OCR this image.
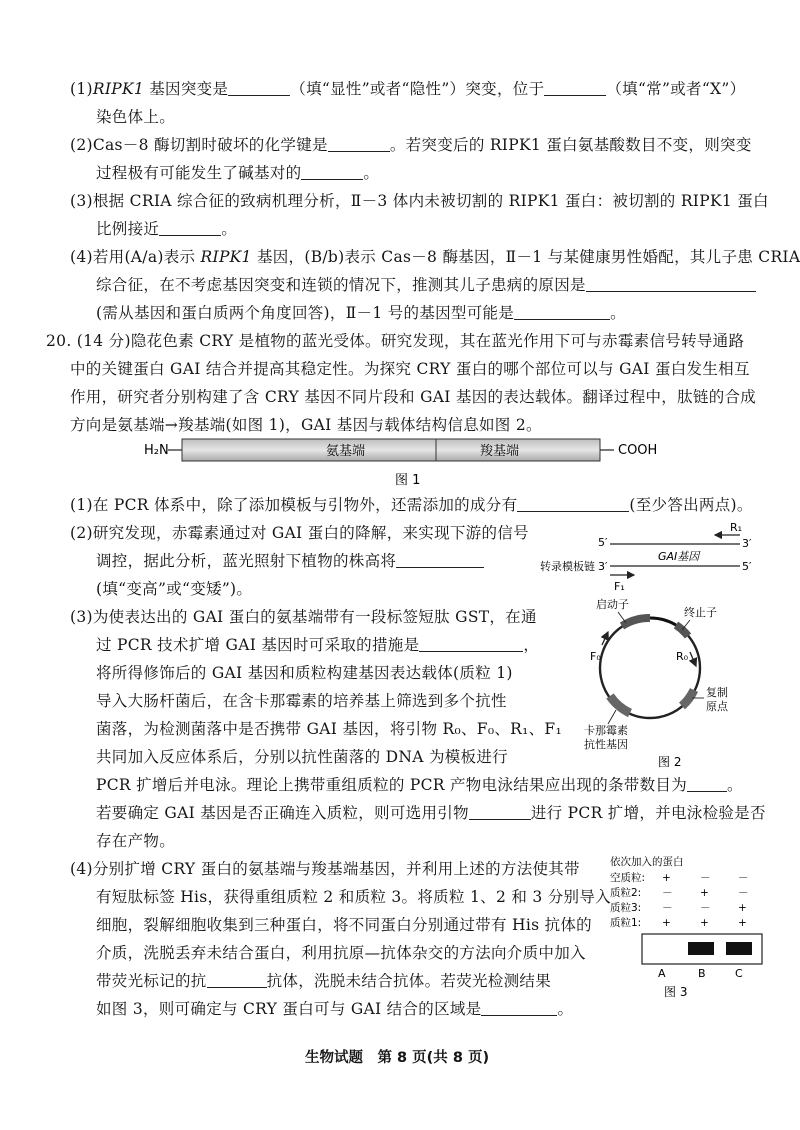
(1)RIPK1 基因突变是	（填“显性”或者“隐性”）突变，位于	（填“常”或者“X”）
染色体上。
(2)Cas－8 酶切割时破坏的化学键是	。若突变后的 RIPK1 蛋白氨基酸数目不变，则突变
过程极有可能发生了碱基对的	。
(3)根据 CRIA 综合征的致病机理分析，Ⅱ－3 体内未被切割的 RIPK1 蛋白：被切割的 RIPK1 蛋白
比例接近	。
(4)若用(A/a)表示 RIPK1 基因，(B/b)表示 Cas－8 酶基因，Ⅱ－1 与某健康男性婚配，其儿子患 CRIA
综合征，在不考虑基因突变和连锁的情况下，推测其儿子患病的原因是
(需从基因和蛋白质两个角度回答)，Ⅱ－1 号的基因型可能是	。
20. (14 分)隐花色素 CRY 是植物的蓝光受体。研究发现，其在蓝光作用下可与赤霉素信号转导通路
中的关键蛋白 GAI 结合并提高其稳定性。为探究 CRY 蛋白的哪个部位可以与 GAI 蛋白发生相互
作用，研究者分别构建了含 CRY 基因不同片段和 GAI 基因的表达载体。翻译过程中，肽链的合成
方向是氨基端→羧基端(如图 1)，GAI 基因与载体结构信息如图 2。
H₂N	氨基端	羧基端	COOH
图 1
(1)在 PCR 体系中，除了添加模板与引物外，还需添加的成分有	(至少答出两点)。
(2)研究发现，赤霉素通过对 GAI 蛋白的降解，来实现下游的信号
调控，据此分析，蓝光照射下植物的株高将
(填“变高”或“变矮”)。
(3)为使表达出的 GAI 蛋白的氨基端带有一段标签短肽 GST，在通
过 PCR 技术扩增 GAI 基因时可采取的措施是	，
将所得修饰后的 GAI 基因和质粒构建基因表达载体(质粒 1)
导入大肠杆菌后，在含卡那霉素的培养基上筛选到多个抗性
菌落，为检测菌落中是否携带 GAI 基因，将引物 R₀、F₀、R₁、F₁
共同加入反应体系后，分别以抗性菌落的 DNA 为模板进行
PCR 扩增后并电泳。理论上携带重组质粒的 PCR 产物电泳结果应出现的条带数目为	。
若要确定 GAI 基因是否正确连入质粒，则可选用引物	进行 PCR 扩增，并电泳检验是否
存在产物。
(4)分别扩增 CRY 蛋白的氨基端与羧基端基因，并利用上述的方法使其带
有短肽标签 His，获得重组质粒 2 和质粒 3。将质粒 1、2 和 3 分别导入
细胞，裂解细胞收集到三种蛋白，将不同蛋白分别通过带有 His 抗体的
介质，洗脱丢弃未结合蛋白，利用抗原—抗体杂交的方法向介质中加入
带荧光标记的抗	抗体，洗脱未结合抗体。若荧光检测结果
如图 3，则可确定与 CRY 蛋白可与 GAI 结合的区域是	。
5′	3′
R₁
GAI基因
转录模板链 3′	5′
F₁
F₀	R₀
启动子
终止子
复制
原点
卡那霉素
抗性基因
图 2
依次加入的蛋白
空质粒: +	－	－
质粒2: －	+	－
质粒3: －	－	+
质粒1: +	+	+
A	B	C
图 3
生物试题　第 8 页(共 8 页)
